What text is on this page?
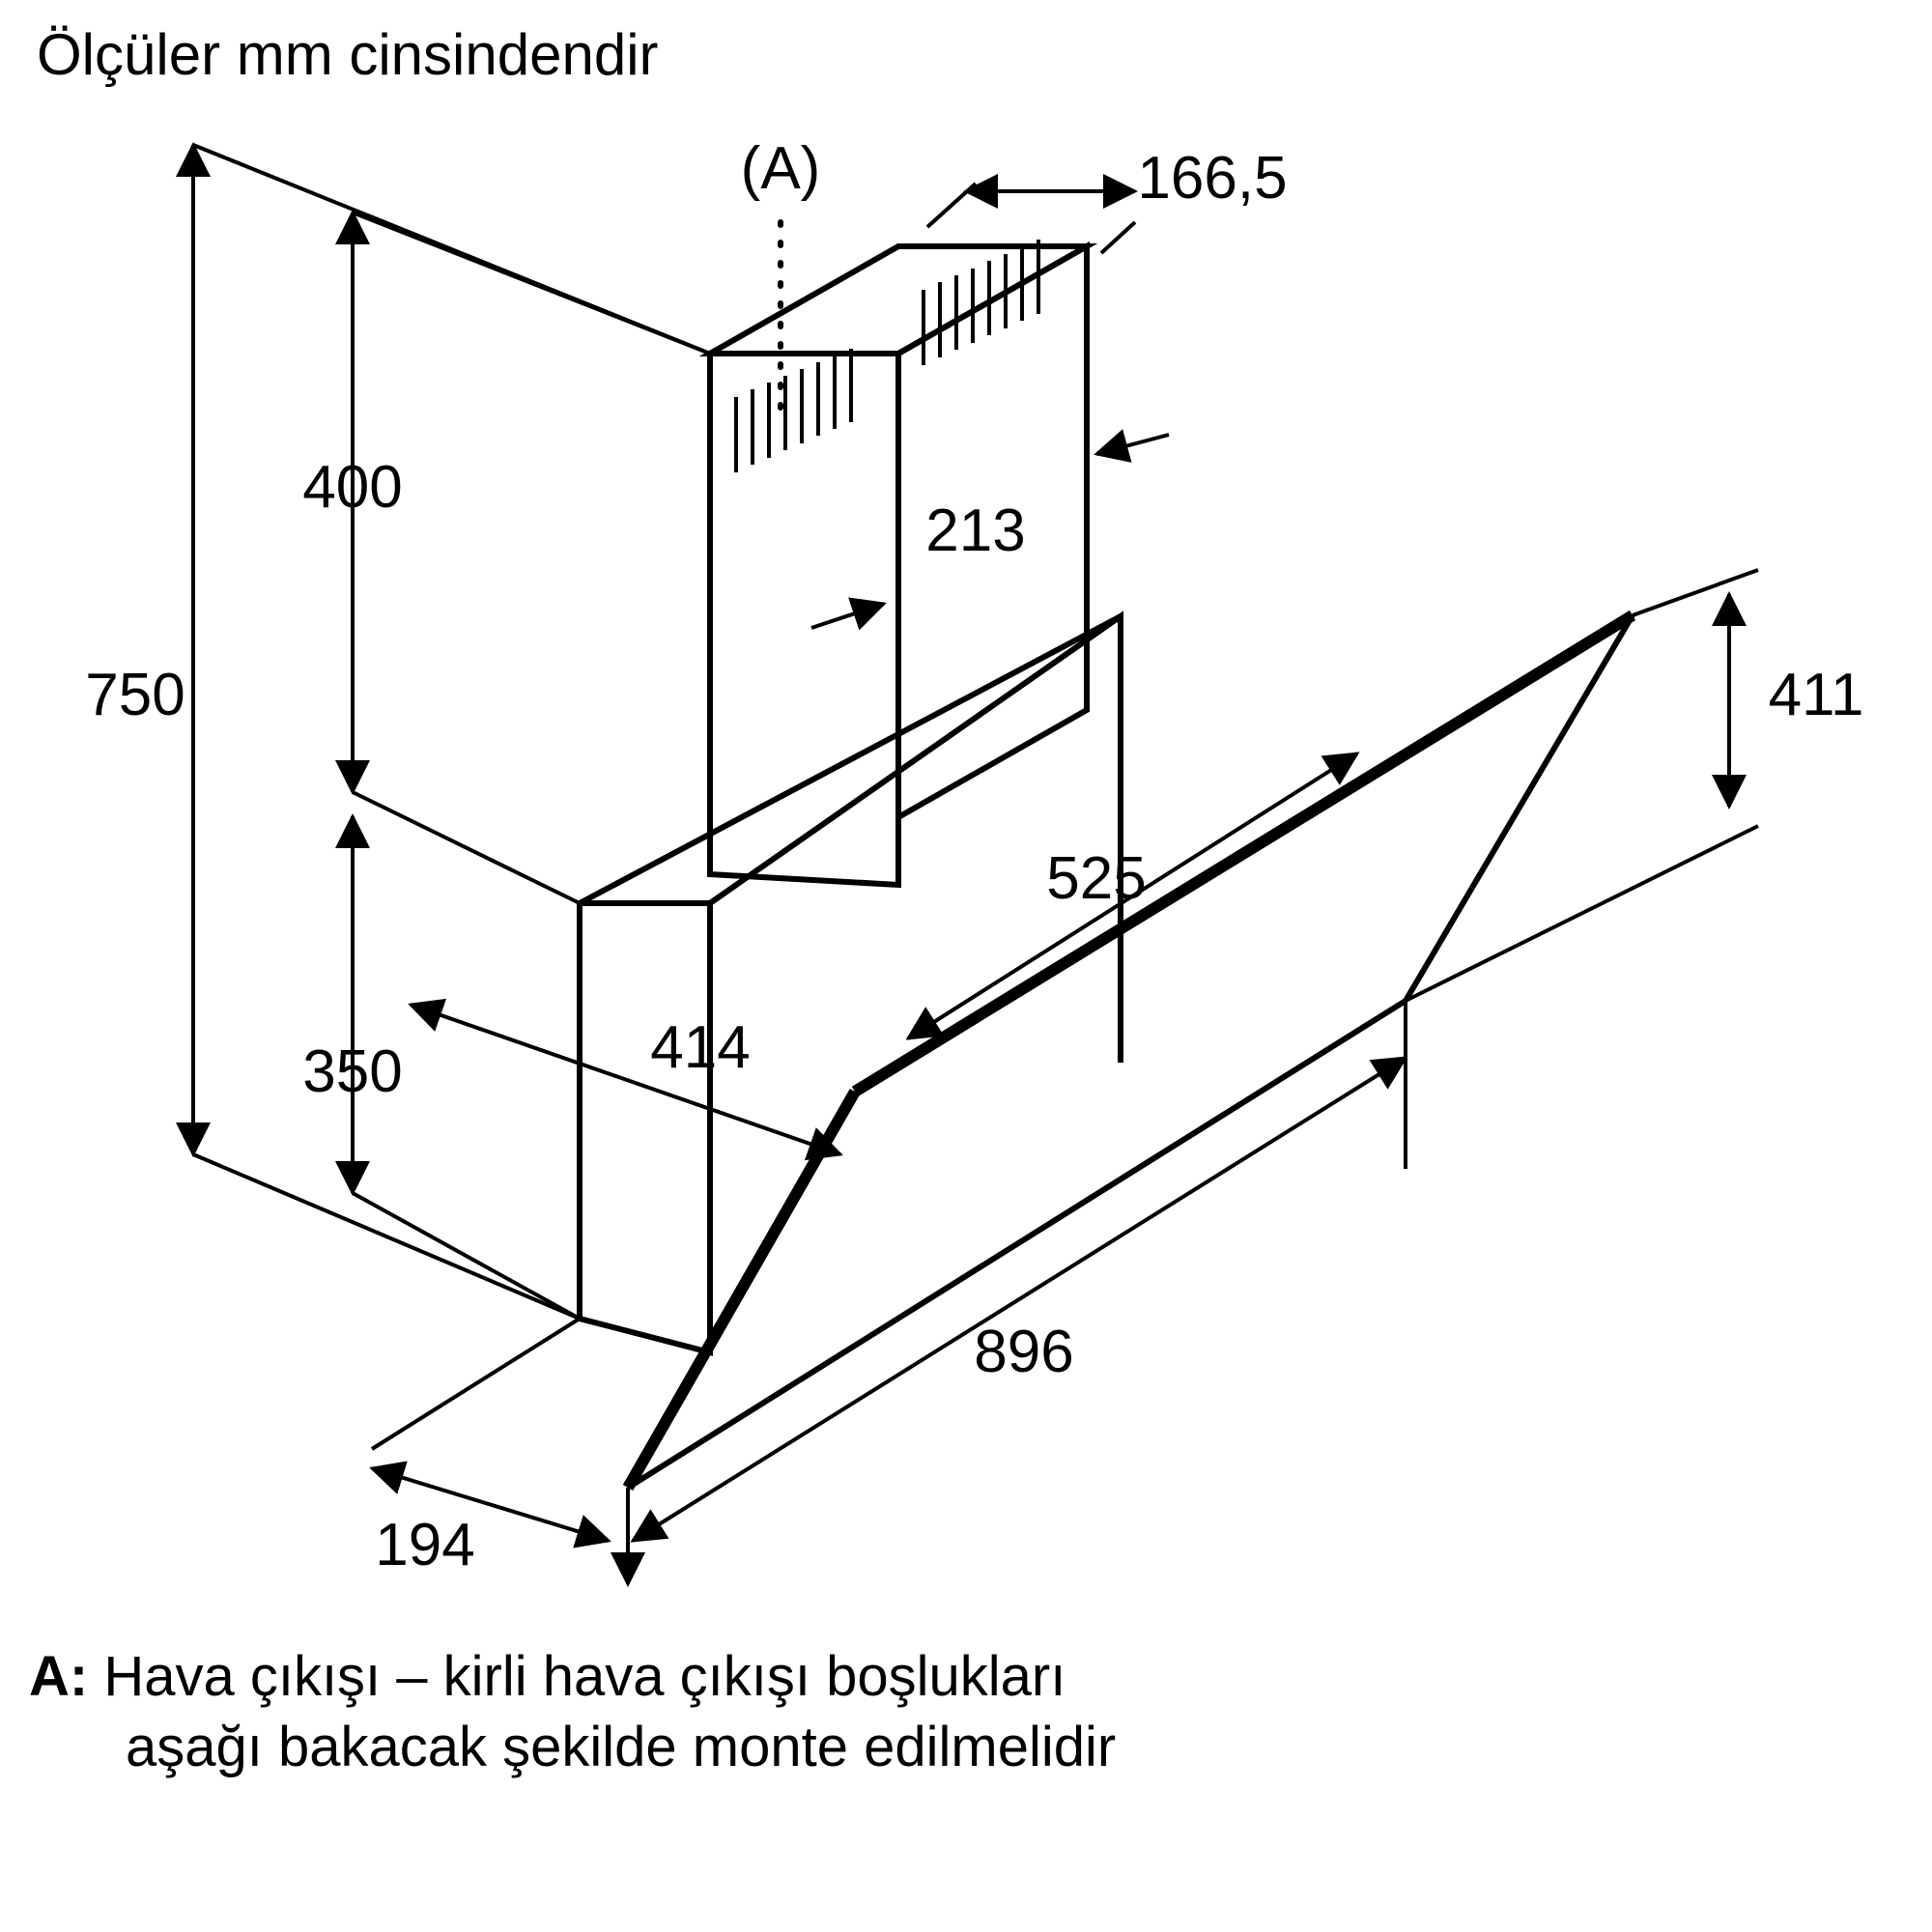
Ölçüler mm cinsindendir
750
400
350
166,5
213
411
525
414
896
194
(A)
A: Hava çıkışı – kirli hava çıkışı boşlukları
aşağı bakacak şekilde monte edilmelidir
